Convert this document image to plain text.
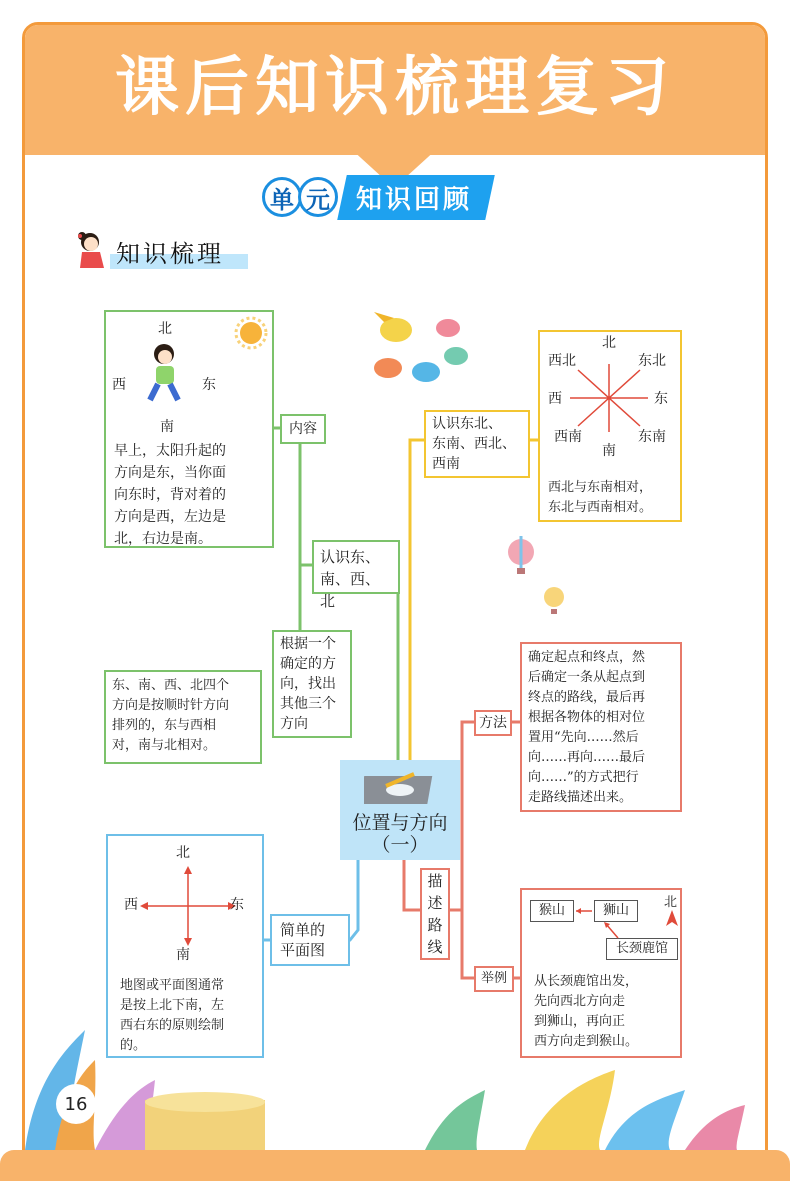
课后知识梳理复习
单 元	知识回顾
知识梳理
北
西	东
南
早上，太阳升起的
方向是东，当你面
向东时，背对着的
方向是西，左边是
北，右边是南。
内容
认识东、
南、西、北
根据一个
确定的方
向，找出
其他三个
方向
东、南、西、北四个
方向是按顺时针方向
排列的，东与西相
对，南与北相对。
认识东北、
东南、西北、
西南
北
西北	东北
西	东
西南	东南
南
西北与东南相对，
东北与西南相对。
位置与方向
（一）
方法
确定起点和终点，然
后确定一条从起点到
终点的路线，最后再
根据各物体的相对位
置用“先向……然后
向……再向……最后
向……”的方式把行
走路线描述出来。
描
述
路
线
举例
猴山	狮山
长颈鹿馆
北
从长颈鹿馆出发，
先向西北方向走
到狮山，再向正
西方向走到猴山。
简单的
平面图
北
西	东
南
地图或平面图通常
是按上北下南，左
西右东的原则绘制
的。
16
